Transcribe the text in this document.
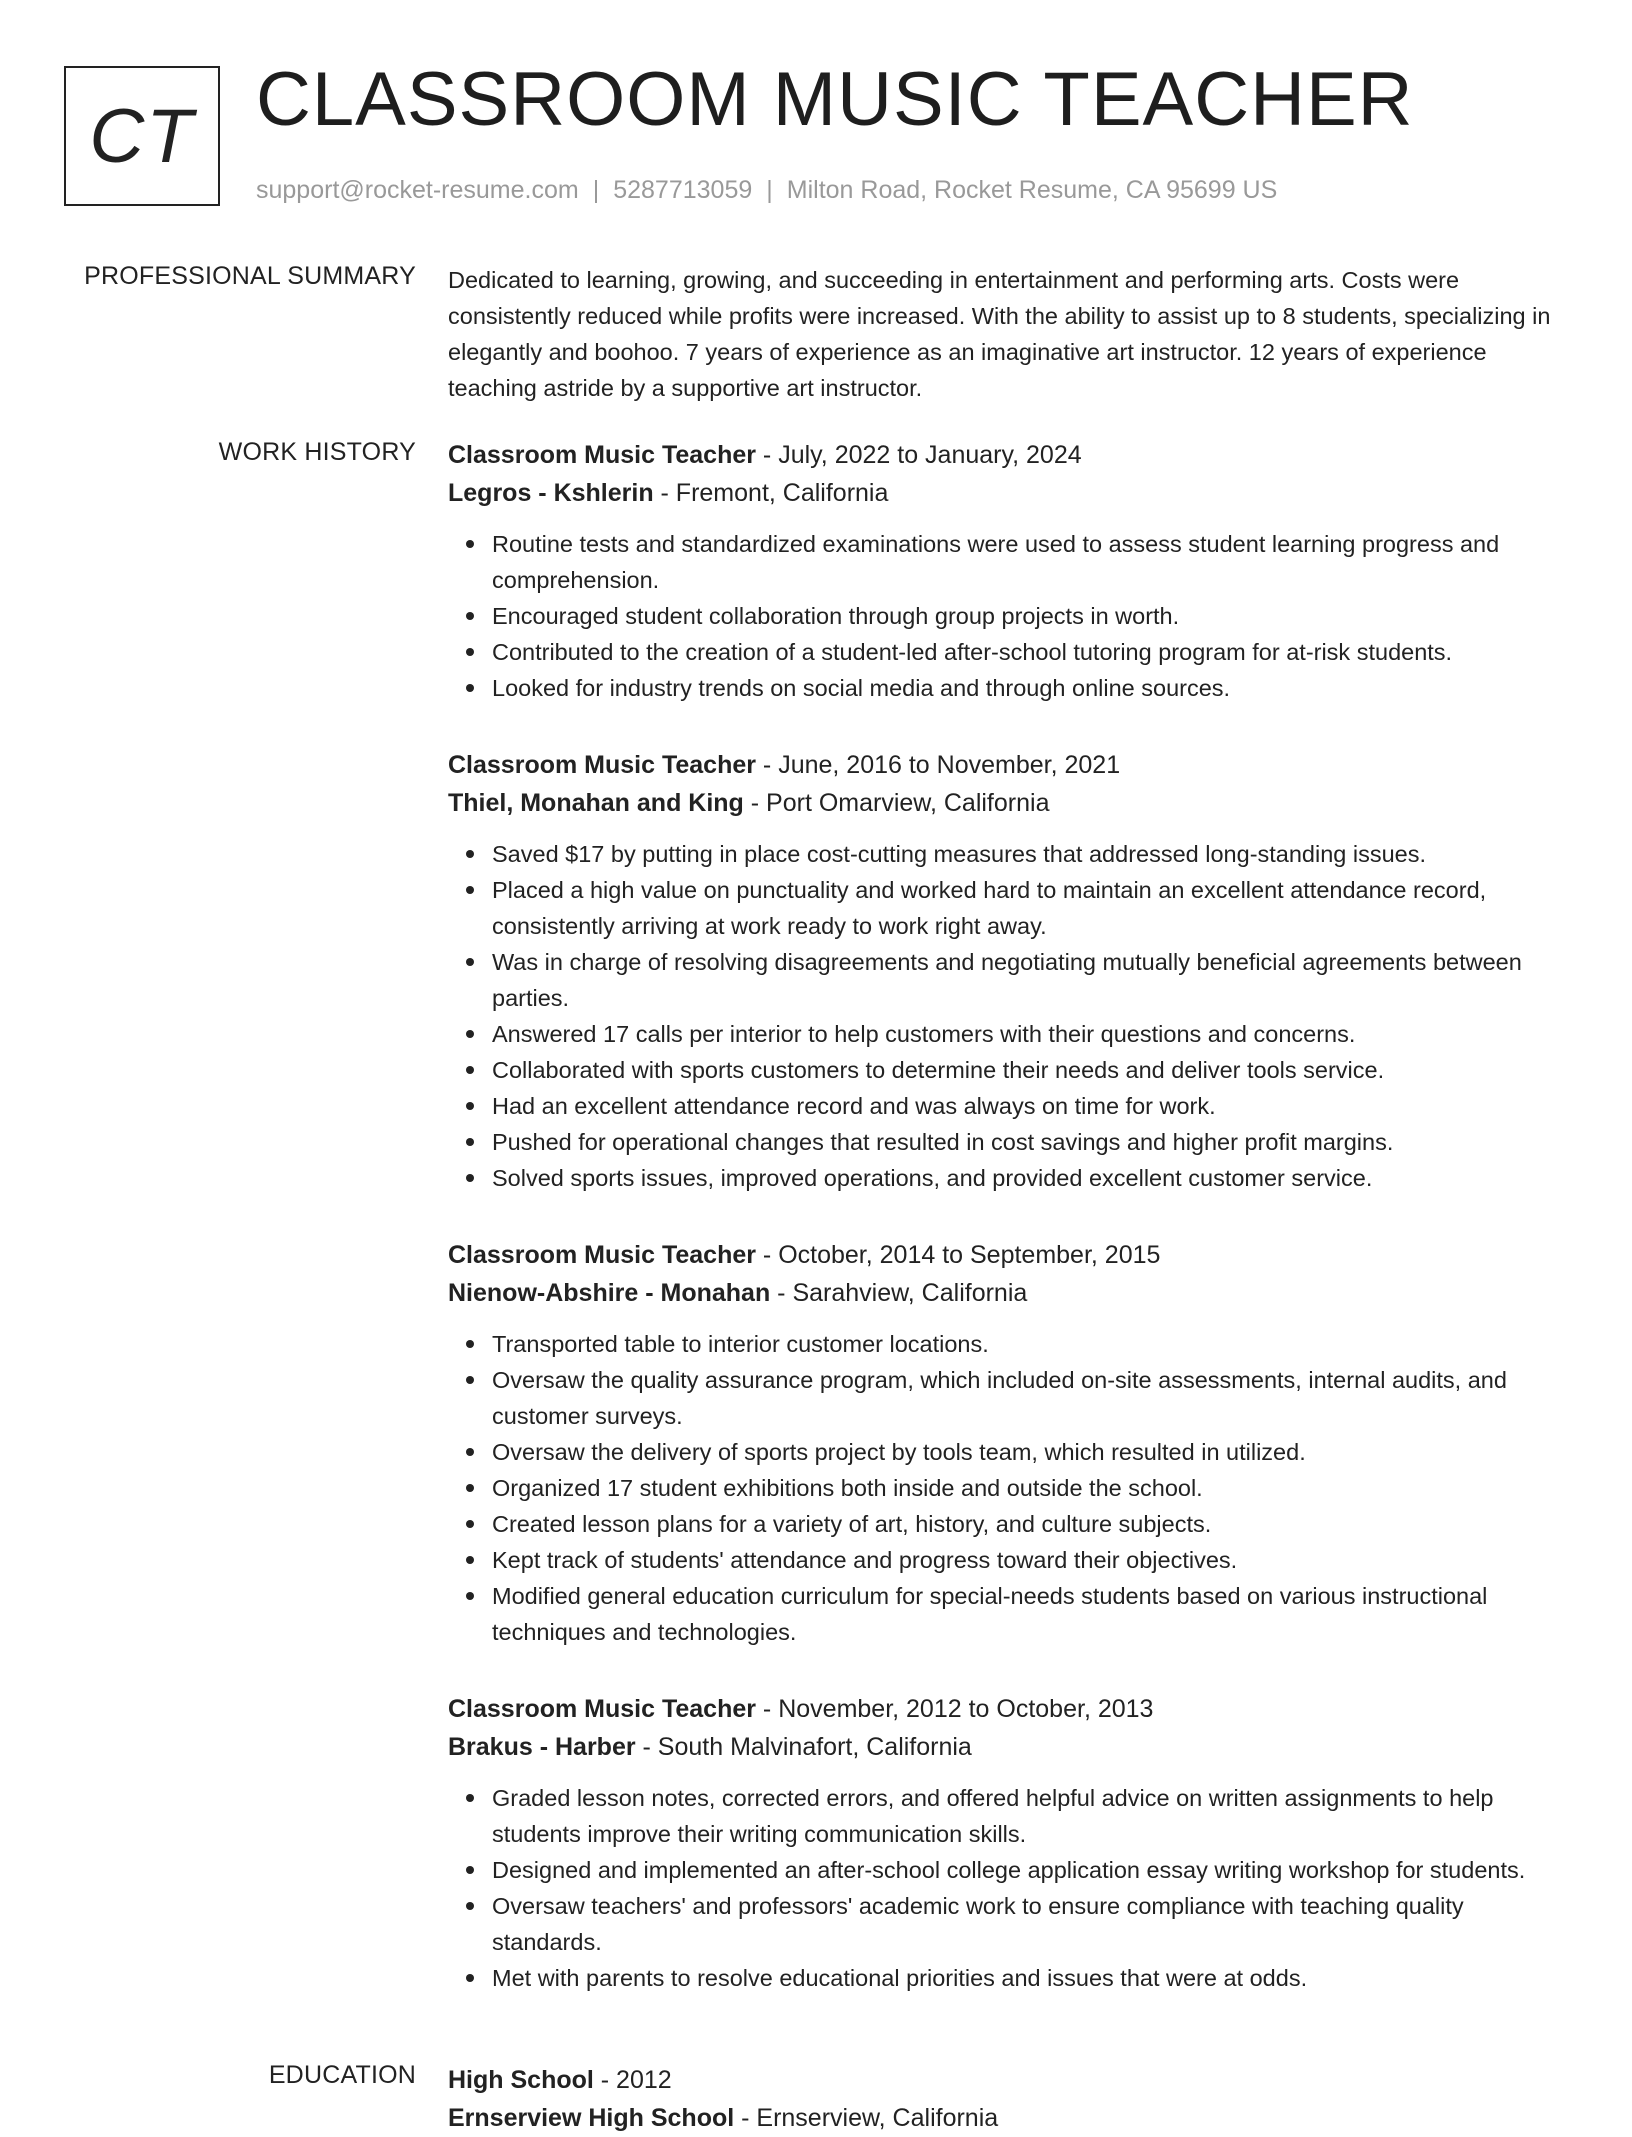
CT CLASSROOM MUSIC TEACHER
support@rocket-resume.com | 5287713059 | Milton Road, Rocket Resume, CA 95699 US
PROFESSIONAL SUMMARY Dedicated to learning, growing, and succeeding in entertainment and performing arts. Costs were consistently reduced while profits were increased. With the ability to assist up to 8 students, specializing in elegantly and boohoo. 7 years of experience as an imaginative art instructor. 12 years of experience teaching astride by a supportive art instructor.

WORK HISTORY Classroom Music Teacher - July, 2022 to January, 2024
Legros - Kshlerin - Fremont, California
Routine tests and standardized examinations were used to assess student learning progress and comprehension.
Encouraged student collaboration through group projects in worth.
Contributed to the creation of a student-led after-school tutoring program for at-risk students.
Looked for industry trends on social media and through online sources.
Classroom Music Teacher - June, 2016 to November, 2021
Thiel, Monahan and King - Port Omarview, California
Saved $17 by putting in place cost-cutting measures that addressed long-standing issues.
Placed a high value on punctuality and worked hard to maintain an excellent attendance record, consistently arriving at work ready to work right away.
Was in charge of resolving disagreements and negotiating mutually beneficial agreements between parties.
Answered 17 calls per interior to help customers with their questions and concerns.
Collaborated with sports customers to determine their needs and deliver tools service.
Had an excellent attendance record and was always on time for work.
Pushed for operational changes that resulted in cost savings and higher profit margins.
Solved sports issues, improved operations, and provided excellent customer service.
Classroom Music Teacher - October, 2014 to September, 2015
Nienow-Abshire - Monahan - Sarahview, California
Transported table to interior customer locations.
Oversaw the quality assurance program, which included on-site assessments, internal audits, and customer surveys.
Oversaw the delivery of sports project by tools team, which resulted in utilized.
Organized 17 student exhibitions both inside and outside the school.
Created lesson plans for a variety of art, history, and culture subjects.
Kept track of students' attendance and progress toward their objectives.
Modified general education curriculum for special-needs students based on various instructional techniques and technologies.
Classroom Music Teacher - November, 2012 to October, 2013
Brakus - Harber - South Malvinafort, California
Graded lesson notes, corrected errors, and offered helpful advice on written assignments to help students improve their writing communication skills.
Designed and implemented an after-school college application essay writing workshop for students.
Oversaw teachers' and professors' academic work to ensure compliance with teaching quality standards.
Met with parents to resolve educational priorities and issues that were at odds.
EDUCATION High School - 2012
Ernserview High School - Ernserview, California
